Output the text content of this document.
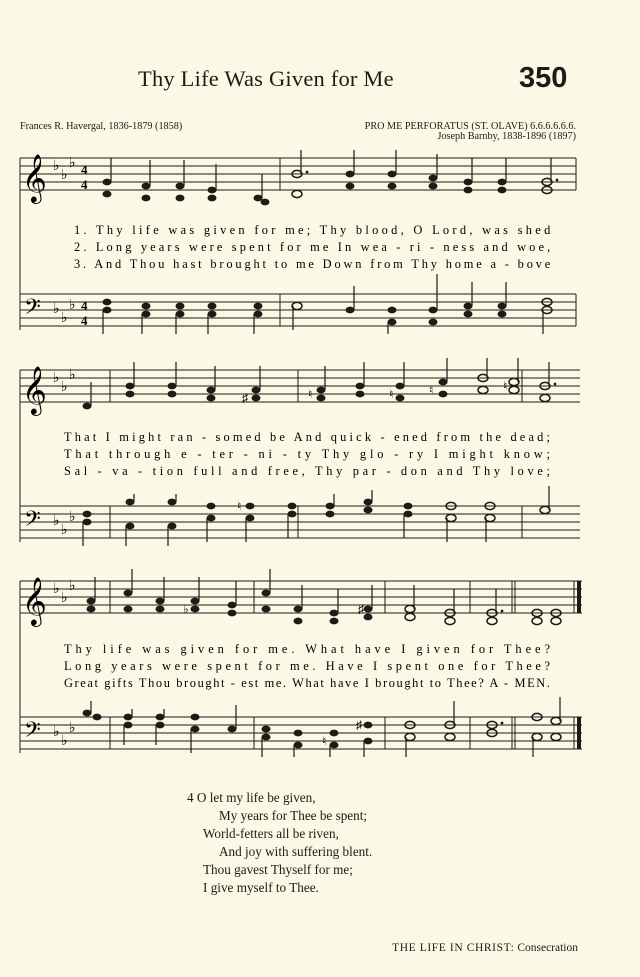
Thy Life Was Given for Me	350
Frances R. Havergal, 1836-1879 (1858)	PRO ME PERFORATUS (ST. OLAVE) 6.6.6.6.6.6.
Joseph Barnby, 1838-1896 (1897)
𝄞 ♭
♭
♭ 4
4
1. Thy life was given for me; Thy blood, O Lord, was shed
2. Long years were spent for me In wea - ri - ness and woe,
3. And Thou hast brought to me Down from Thy home a - bove
𝄢 ♭
♭
♭ 4
4
𝄞 ♭
♭
♭
♯	♮	♮	♮	♮
That I might ran - somed be And quick - ened from the dead;
That through e - ter - ni - ty Thy glo - ry I might know;
Sal - va - tion full and free, Thy par - don and Thy love;
𝄢 ♭
♭
♭
♮
𝄞 ♭
♭
♭
♭	♯
Thy life was given for me. What have I given for Thee?
Long years were spent for me. Have I spent one for Thee?
Great gifts Thou brought - est me. What have I brought to Thee? A - MEN.
𝄢 ♭
♭
♭
♮
♯
4 O let my life be given,
My years for Thee be spent;
World-fetters all be riven,
And joy with suffering blent.
Thou gavest Thyself for me;
I give myself to Thee.
THE LIFE IN CHRIST: Consecration
